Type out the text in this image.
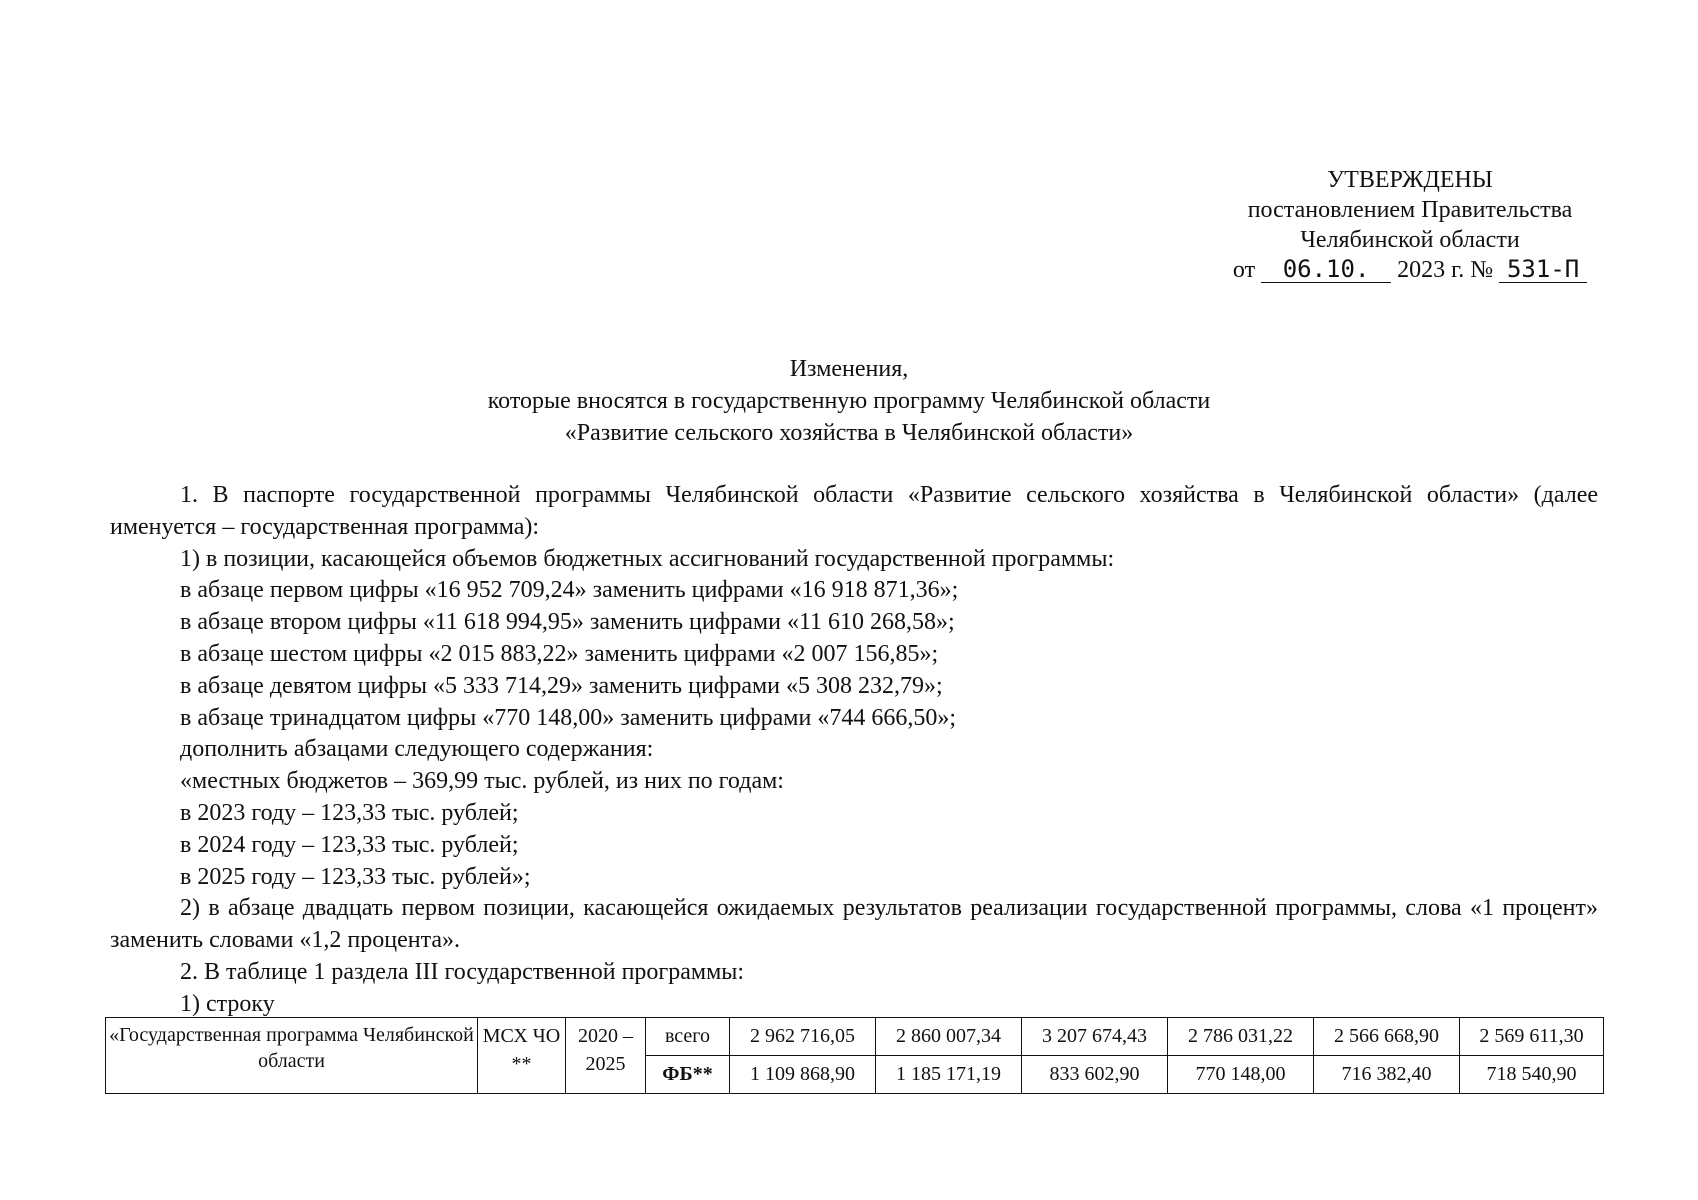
УТВЕРЖДЕНЫ
постановлением Правительства
Челябинской области
от 06.10. 2023 г. № 531-П
Изменения,
которые вносятся в государственную программу Челябинской области
«Развитие сельского хозяйства в Челябинской области»
1. В паспорте государственной программы Челябинской области «Развитие сельского хозяйства в Челябинской области» (далее именуется – государственная программа):
1) в позиции, касающейся объемов бюджетных ассигнований государственной программы:
в абзаце первом цифры «16 952 709,24» заменить цифрами «16 918 871,36»;
в абзаце втором цифры «11 618 994,95» заменить цифрами «11 610 268,58»;
в абзаце шестом цифры «2 015 883,22» заменить цифрами «2 007 156,85»;
в абзаце девятом цифры «5 333 714,29» заменить цифрами «5 308 232,79»;
в абзаце тринадцатом цифры «770 148,00» заменить цифрами «744 666,50»;
дополнить абзацами следующего содержания:
«местных бюджетов – 369,99 тыс. рублей, из них по годам:
в 2023 году – 123,33 тыс. рублей;
в 2024 году – 123,33 тыс. рублей;
в 2025 году – 123,33 тыс. рублей»;
2) в абзаце двадцать первом позиции, касающейся ожидаемых результатов реализации государственной программы, слова «1 процент» заменить словами «1,2 процента».
2. В таблице 1 раздела III государственной программы:
1) строку
«Государственная программа Челябинской области	МСХ ЧО **	2020 – 2025	всего	2 962 716,05	2 860 007,34	3 207 674,43	2 786 031,22	2 566 668,90	2 569 611,30
			ФБ**	1 109 868,90	1 185 171,19	833 602,90	770 148,00	716 382,40	718 540,90
